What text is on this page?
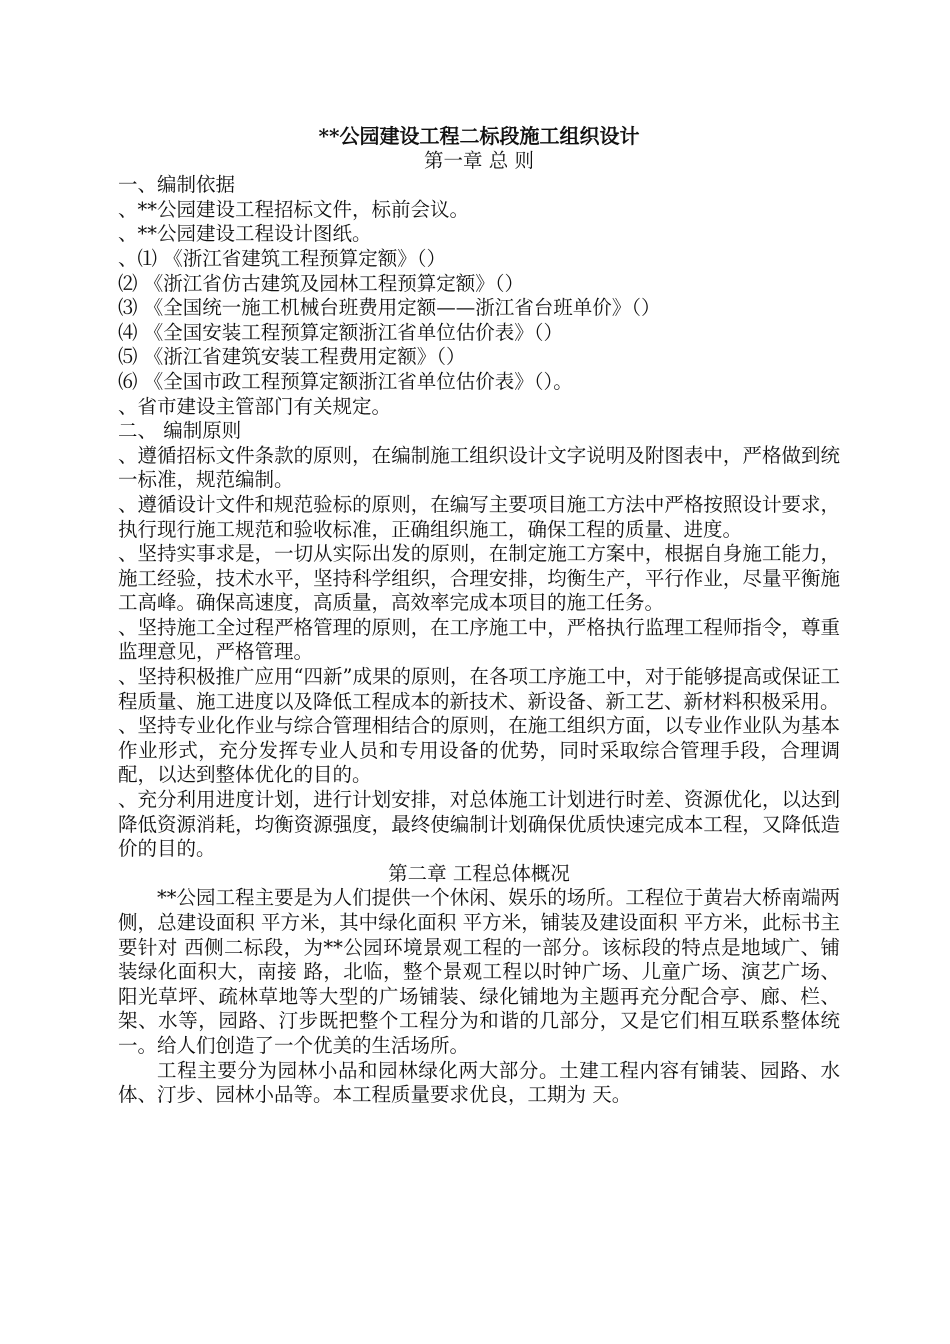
**公园建设工程二标段施工组织设计
第一章 总 则
一、编制依据
、**公园建设工程招标文件，标前会议。
、**公园建设工程设计图纸。
、⑴ 《浙江省建筑工程预算定额》（）
⑵ 《浙江省仿古建筑及园林工程预算定额》（）
⑶ 《全国统一施工机械台班费用定额——浙江省台班单价》（）
⑷ 《全国安装工程预算定额浙江省单位估价表》（）
⑸ 《浙江省建筑安装工程费用定额》（）
⑹ 《全国市政工程预算定额浙江省单位估价表》（）。
、省市建设主管部门有关规定。
二、 编制原则
、遵循招标文件条款的原则，在编制施工组织设计文字说明及附图表中，严格做到统一标准，规范编制。
、遵循设计文件和规范验标的原则，在编写主要项目施工方法中严格按照设计要求，执行现行施工规范和验收标准，正确组织施工，确保工程的质量、进度。
、坚持实事求是，一切从实际出发的原则，在制定施工方案中，根据自身施工能力，施工经验，技术水平，坚持科学组织，合理安排，均衡生产，平行作业，尽量平衡施工高峰。确保高速度，高质量，高效率完成本项目的施工任务。
、坚持施工全过程严格管理的原则，在工序施工中，严格执行监理工程师指令，尊重监理意见，严格管理。
、坚持积极推广应用“四新”成果的原则，在各项工序施工中，对于能够提高或保证工程质量、施工进度以及降低工程成本的新技术、新设备、新工艺、新材料积极采用。
、坚持专业化作业与综合管理相结合的原则，在施工组织方面，以专业作业队为基本作业形式，充分发挥专业人员和专用设备的优势，同时采取综合管理手段，合理调配，以达到整体优化的目的。
、充分利用进度计划，进行计划安排，对总体施工计划进行时差、资源优化，以达到降低资源消耗，均衡资源强度，最终使编制计划确保优质快速完成本工程，又降低造价的目的。
第二章 工程总体概况
**公园工程主要是为人们提供一个休闲、娱乐的场所。工程位于黄岩大桥南端两侧，总建设面积 平方米，其中绿化面积 平方米，铺装及建设面积 平方米，此标书主要针对 西侧二标段，为**公园环境景观工程的一部分。该标段的特点是地域广、铺装绿化面积大，南接 路，北临，整个景观工程以时钟广场、儿童广场、演艺广场、阳光草坪、疏林草地等大型的广场铺装、绿化铺地为主题再充分配合亭、廊、栏、架、水等，园路、汀步既把整个工程分为和谐的几部分，又是它们相互联系整体统一。给人们创造了一个优美的生活场所。
工程主要分为园林小品和园林绿化两大部分。土建工程内容有铺装、园路、水体、汀步、园林小品等。本工程质量要求优良，工期为 天。
